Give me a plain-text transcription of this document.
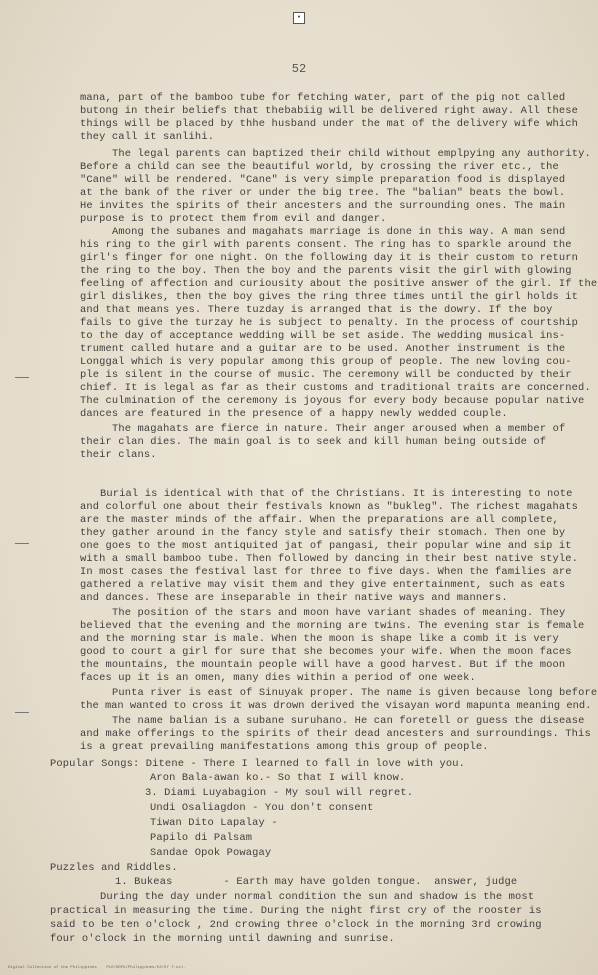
•
52
mana, part of the bamboo tube for fetching water, part of the pig not called
butong in their beliefs that thebabiig will be delivered right away. All these
things will be placed by thhe husband under the mat of the delivery wife which
they call it sanlihi.
The legal parents can baptized their child without emplpying any authority.
Before a child can see the beautiful world, by crossing the river etc., the
"Cane" will be rendered. "Cane" is very simple preparation food is displayed
at the bank of the river or under the big tree. The "balian" beats the bowl.
He invites the spirits of their ancesters and the surrounding ones. The main
purpose is to protect them from evil and danger.
Among the subanes and magahats marriage is done in this way. A man send
his ring to the girl with parents consent. The ring has to sparkle around the
girl's finger for one night. On the following day it is their custom to return
the ring to the boy. Then the boy and the parents visit the girl with glowing
feeling of affection and curiousity about the positive answer of the girl. If the
girl dislikes, then the boy gives the ring three times until the girl holds it
and that means yes. There tuzday is arranged that is the dowry. If the boy
fails to give the turzay he is subject to penalty. In the process of courtship
to the day of acceptance wedding will be set aside. The wedding musical ins-
trument called hutare and a guitar are to be used. Another instrument is the
Longgal which is very popular among this group of people. The new loving cou-
ple is silent in the course of music. The ceremony will be conducted by their
chief. It is legal as far as their customs and traditional traits are concerned.
The culmination of the ceremony is joyous for every body because popular native
dances are featured in the presence of a happy newly wedded couple.
The magahats are fierce in nature. Their anger aroused when a member of
their clan dies. The main goal is to seek and kill human being outside of
their clans.
Burial is identical with that of the Christians. It is interesting to note
and colorful one about their festivals known as "bukleg". The richest magahats
are the master minds of the affair. When the preparations are all complete,
they gather around in the fancy style and satisfy their stomach. Then one by
one goes to the most antiquited jat of pangasi, their popular wine and sip it
with a small bamboo tube. Then followed by dancing in their best native style.
In most cases the festival last for three to five days. When the families are
gathered a relative may visit them and they give entertainment, such as eats
and dances. These are inseparable in their native ways and manners.
The position of the stars and moon have variant shades of meaning. They
believed that the evening and the morning are twins. The evening star is female
and the morning star is male. When the moon is shape like a comb it is very
good to court a girl for sure that she becomes your wife. When the moon faces
the mountains, the mountain people will have a good harvest. But if the moon
faces up it is an omen, many dies within a period of one week.
Punta river is east of Sinuyak proper. The name is given because long before
the man wanted to cross it was drown derived the visayan word mapunta meaning end.
The name balian is a subane suruhano. He can foretell or guess the disease
and make offerings to the spirits of their dead ancesters and surroundings. This
is a great prevailing manifestations among this group of people.
Popular Songs: Ditene - There I learned to fall in love with you.
Aron Bala-awan ko.- So that I will know.
3. Diami Luyabagion - My soul will regret.
Undi Osaliagdon - You don't consent
Tiwan Dito Lapalay -
Papilo di Palsam
Sandae Opok Powagay
Puzzles and Riddles.
1. Bukeas        - Earth may have golden tongue.  answer, judge
During the day under normal condition the sun and shadow is the most
practical in measuring the time. During the night first cry of the rooster is
said to be ten o'clock , 2nd crowing three o'clock in the morning 3rd crowing
four o'clock in the morning until dawning and sunrise.
Digital Collection of the Philippines    PLR/HDFK/Philippines/52/57 f.col.
